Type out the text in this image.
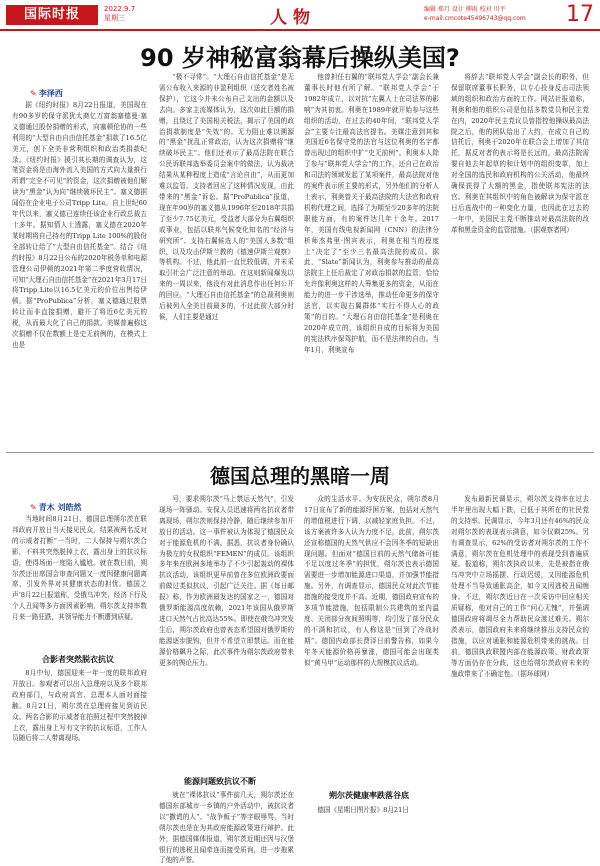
国际时报	2022.9.7
星期三	人物	编辑 郑月 设计 柳雨 校对 川平
e-mail:cmcote45496743@qq.com 17
90 岁神秘富翁幕后操纵美国?
✎ 李泽西

据《纽约时报》8月22日报道，美国现在有90多岁的保守派犹太裔亿万富翁塞德曼·塞义德通过股份捐赠的形式，向塞顿伦协的一些利用的“大型自由自由信托基金”捐款了16.5亿美元，创下全美非营利组织和政治类捐款纪录。《纽约时报》援引其长期的调查认为，这笔资金将是由海外流入美国的方式向大量推行所谓“完全不可见”的资金，这次捐赠被他们解读为“黑金”认为向“继续破坏民主”。塞义德据闻俗在企业电子公司Tripp Lite。自上世纪60年代以来，塞义德已连续任该企业行政总裁五十多年。据知情人士透露，塞义德在2020年某时期将自己持有的Tripp Lite 100%的股份全部转让给了“大型自由信托基金”。结合《纽约时报》8月22日公布的2020年税务单和电源管理公司伊顿的2021年第二季度营收情况，可知“大理石自由信托基金”在2021年3月17日将Tripp Lite以16.5亿美元的价位出售给伊顿。据“ProPublica”分析，塞义德通过股票转让而非直接捐赠，避开了将近6亿美元的税，从而最大化了自己的捐款。美媒普遍称这次捐赠不仅在数额上是史无前例的，在模式上也是

“极不寻常”。“大理石自由信托基金”是无需公布收入来源的非盈利组织（送交者姓名被保护），它这今并未公布自己支出的金额以及去向。多家主流媒体认为，这次如此巨额的捐赠，且绕过了美国相关税法，揭示了美国的政治捐款制度是“失效”的。无力阻止难以溯源的“黑金”扰乱正常政治，认为这次捐赠将“继续破坏民主”。他们还表示了最高法院在联合公民诉联邦选举委员会案中的做法，认为裁决结果从某种程度上造成“言论自由”，从而更加难以监管。支持者回应了这种情况发现，由此带来的“黑金”诉讼。据“ProPublica”报道，现在年90岁的塞义德从1996年至2018年共捐了至少7.75亿美元，受益者大部分为右翼组织或事业，包括以联邦气候变化知名的“经济与研究所”、支持右翼候选人的“美国人多数”组织，以及攻击伊斯兰教的《德速伊斯兰观察》等机构。不过，他此前一直比较低调，并未采取引社会广泛注意的举动。在这则新闻爆发以来的一周以来，他没有对此消息作出任何公开的回应。“大理石自由信托基金”的总裁利奥则后被列入全美目前最多的，不过此前大部分时候，人们主要是通过

他曾担任右翼的“联邦党人学会”副会长兼董事长时他有所了解。“联邦党人学会”于1982年成立，以对抗“左翼人士在司法界的影响”为其初衷。利奥在1989年就开始参与这些组织的活动，在过去的40年间，“联邦党人学会”主要专注最高法官提名。美媒注意到其和美国近6名保守党的法官与这位利奥的名字都曾出现过的组织中扩“史无前例”。利奥本人除了参与“联邦党人学会”的工作，还自己在政治和司法的领域发起了某项案件，最高法院对他的案件表示所主要的形式，另外他们的分析人士表示，利奥曾关于最高法院的大法官和政府机构代理之间，选择了为期至少20多年的法院职能方面，有的案件达几年十余年。2017年，美国有线电视新闻网（CNN）的法律分析师杰弗里·图宾表示，利奥在相当的程度上“决定了”至少三名最高法院的成员。据此，“Slate”新闻认为，利奥参与推动的最高法院主上任后裁定了对政治捐款的监管，恰恰允许像利奥这样的人筹集更多的资金，从而在能力的进一步干涉选举，推动任命更多的保守法官，以实现右翼群体“实行不得人心的政策”的目的。“大理石自由信托基金”是利奥在2020年成立的，该组织自成的目标将为美国的宪法秩序保驾护航，而不是法律的自由。当年1月，利奥宣布

将辞去“联邦党人学会”副会长的职务，但保留联席董事长职务，以专心投身反击司法领域的组织和政治方面的工作。网站社报道称，利奥和他的组织公司是包括多数党员和民主党在内，2020年民主党议员曾指控他操纵最高法院之后，他的团队给出了大约，在成立自己的信托后，利奥于2020年在联合会上增加了其信托，据反对者的表示将是长远的，最高法院需要自他去年起草的和计划中的组织变革，加上对全国的选民和政府机构的公关活动，他最终确保获得了大额的黑金，指使联邦宪法的法官。利奥在其组织中的角色被解读为保守派在日后选战中的一种变化力量，也因此在过去的一年中，美国民主党不断推动对最高法院的改革和黑金资金的监管措施。（据观察者网）

德国总理的黑暗一周
✎ 青木 刘皓然

当地时间8月21日，德国总理朔尔茨在联邦政府开放日当天接见民众，结果被两名反对的示威者打断“一当时，二人保持与朔尔茨合影，不料其突然脱掉上衣，露出身上的抗议标语，使得场面一度陷入尴尬。就在数日前，朔尔茨还出席国会审查问题又一度因健康问题离席，引发外界对其健康状态的担忧。德国之声‘8月22日报道称，受俄乌冲突、经济下行及个人丑闻等多方面因素影响，朔尔茨支持率数月来一路狂跌，其领导能力不断遭到质疑。

合影者突然脱衣抗议

8月中旬，德国迎来一年一度的联邦政府开放日。参观者可以出入总理府以及多个联邦政府部门，与政府高官、总理本人面对面接触。8月21日，朔尔茨在总理府接见到访民众。两名合影的示威者在拍照过程中突然脱掉上衣，露出身上写有文字的抗议标语，工作人员随后将二人带离现场。

号，要求朔尔茨“马上禁运天然气”，引发现场一阵骚动。安保人员迅速将两名抗议者带离现场，朔尔茨则保持冷静，随后继续参加开放日的活动。这一事件被认为体现了德国民众对于能源危机的不满。据悉，抗议者身份确认为极左的女权组织“FEMEN”的成员。该组织多年来在欧洲多地举办了不少引起轰动的裸体抗议活动，该组织更早前曾在多位欧洲政要面前做过类似抗议，引起广泛关注。据《每日邮报》称，作为欧洲最发达的国家之一，德国对俄罗斯能源高度依赖，2021年该国从俄罗斯进口天然气占比高达55%。即使在俄乌冲突发生后，朔尔茨政府也曾表态希望国对俄罗斯的能源逐步脱钩，但并不希望立即禁运。而在能源价格飙升之际，此次事件为朔尔茨政府带来更多的舆论压力。

能源问题致抗议不断

就在“裸体抗议”事件前几天，朔尔茨还在德国东部城市一乡镇的户外活动中，被抗议者以“撒谎的人”、“战争贩子”等字眼辱骂，当时朔尔茨也是在为其政府能源政策进行辩护。此外，据德国媒体报道，朔尔茨近期还因与汉堡银行的逃税丑闻牵连而接受质询，进一步拖累了他的声誉。

众的生活水平。为安抚民众，朔尔茨8月17日宣布了新的能源纾困方案，包括对天然气的增值税进行下调，以减轻家庭负担。不过，该方案被许多人认为力度不足，此前，朔尔茨还宣称德国的天然气供应不会因冬季的短缺出现问题。但面对“德国目前的天然气储备可能不足以度过冬季”的担忧，朔尔茨也表示德国需要进一步增加能源进口渠道，并加强节能措施。另外，有调查显示，德国民众对此次节能措施的接受度并不高。近期，德国政府宣布的多项节能措施，包括限制公共建筑的室内温度、关闭部分夜间照明等，均引发了部分民众的不满和抗议，有人称这是“回到了冷战时期”。德国内政部长费泽日前警告称，如果今年冬天能源价格再暴涨，德国可能会出现类似“黄马甲”运动那样的大规模抗议活动。

朔尔茨健康率跌落谷底

德国《星期日图片报》8月21日

发布最新民调显示，朔尔茨支持率在过去半年里出现大幅下跌，已低于其所在的社民党的支持率。民调显示，今年3月还有46%的民众对朔尔茨的表现表示满意，如今仅剩25%。另有调查显示，62%的受访者对朔尔茨的工作不满意，朔尔茨在危机处理中的表现受到普遍质疑。报道称，朔尔茨执政以来，先是被指在俄乌冲突中立场摇摆、行动迟缓，又因能源危机处理不当导致通胀高企，如今又因逃税丑闻缠身。不过，朔尔茨近日在一次采访中回应相关质疑称，他对自己的工作“问心无愧”，并强调德国政府将竭尽全力帮助民众渡过难关。朔尔茨表示，德国政府未来将继续推出支持民众的措施，以应对通胀和能源危机带来的挑战。目前，德国执政联盟内部在能源政策、财政政策等方面仍存在分歧，这也给朔尔茨政府未来的施政带来了不确定性。（据环球网）
